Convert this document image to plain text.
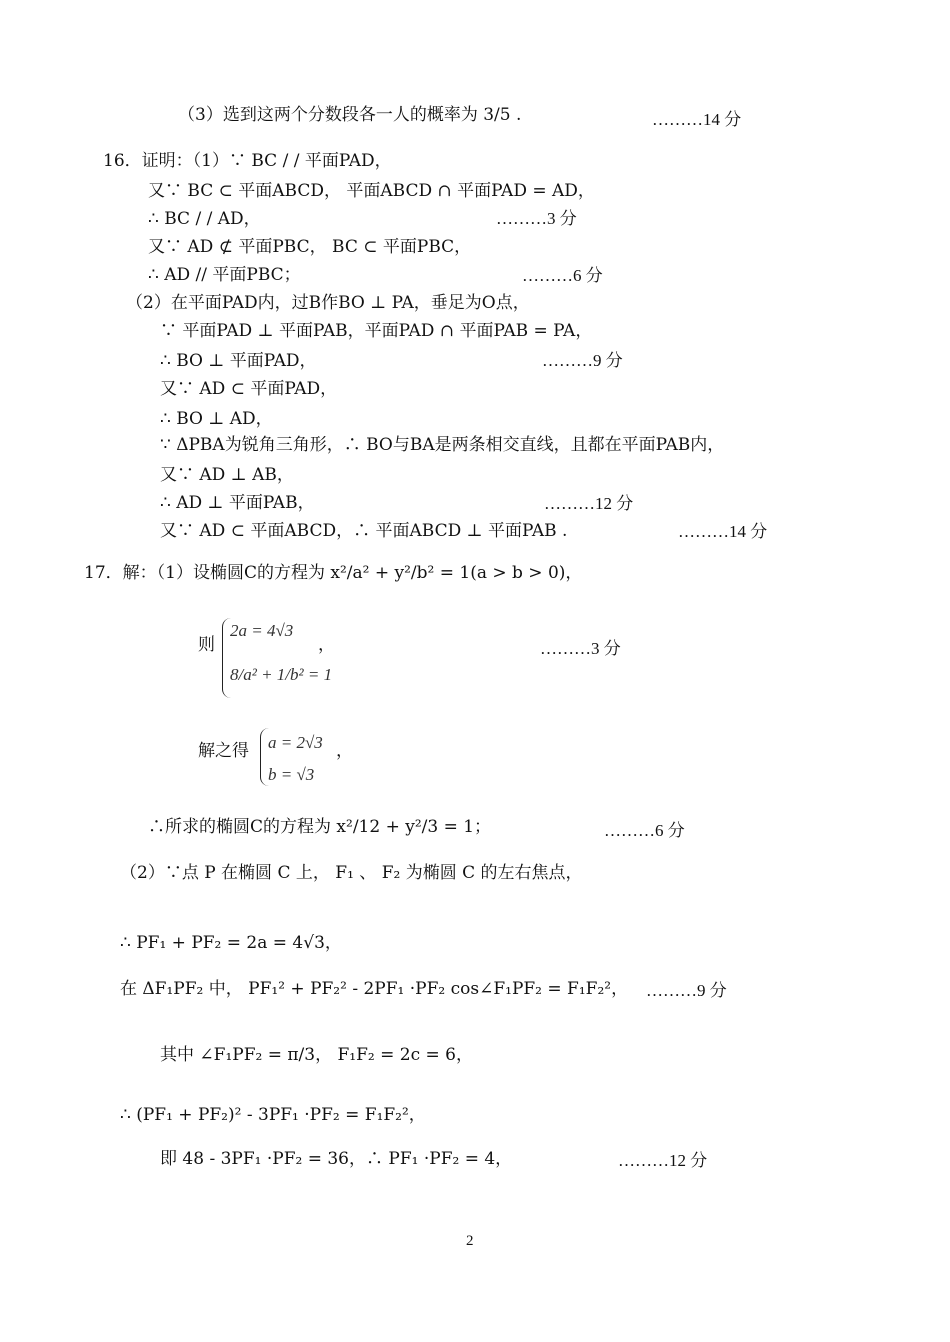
（3）选到这两个分数段各一人的概率为 3/5 .
16．证明：（1）∵ BC / / 平面PAD，
又∵ BC ⊂ 平面ABCD， 平面ABCD ∩ 平面PAD = AD，
∴ BC / / AD，
又∵ AD ⊄ 平面PBC， BC ⊂ 平面PBC，
∴ AD // 平面PBC；
（2）在平面PAD内，过B作BO ⊥ PA，垂足为O点，
∵ 平面PAD ⊥ 平面PAB，平面PAD ∩ 平面PAB = PA，
∴ BO ⊥ 平面PAD，
又∵ AD ⊂ 平面PAD，
∴ BO ⊥ AD，
∵ ΔPBA为锐角三角形，∴ BO与BA是两条相交直线，且都在平面PAB内，
又∵ AD ⊥ AB，
∴ AD ⊥ 平面PAB，
又∵ AD ⊂ 平面ABCD，∴ 平面ABCD ⊥ 平面PAB .
17．解：（1）设椭圆C的方程为 x²/a² + y²/b² = 1(a > b > 0)，
则
2a = 4√3
8/a² + 1/b² = 1
，
解之得 a = 2√3
b = √3
，
∴所求的椭圆C的方程为 x²/12 + y²/3 = 1；
（2）∵点 P 在椭圆 C 上， F₁ 、 F₂ 为椭圆 C 的左右焦点，
∴ PF₁ + PF₂ = 2a = 4√3，
在 ΔF₁PF₂ 中， PF₁² + PF₂² - 2PF₁ ·PF₂ cos∠F₁PF₂ = F₁F₂²，
其中 ∠F₁PF₂ = π/3， F₁F₂ = 2c = 6，
∴ (PF₁ + PF₂)² - 3PF₁ ·PF₂ = F₁F₂²，
即 48 - 3PF₁ ·PF₂ = 36，∴ PF₁ ·PF₂ = 4，
………14 分
………3 分
………6 分
………9 分
………12 分
………14 分
………3 分
………6 分
………9 分
………12 分
2
